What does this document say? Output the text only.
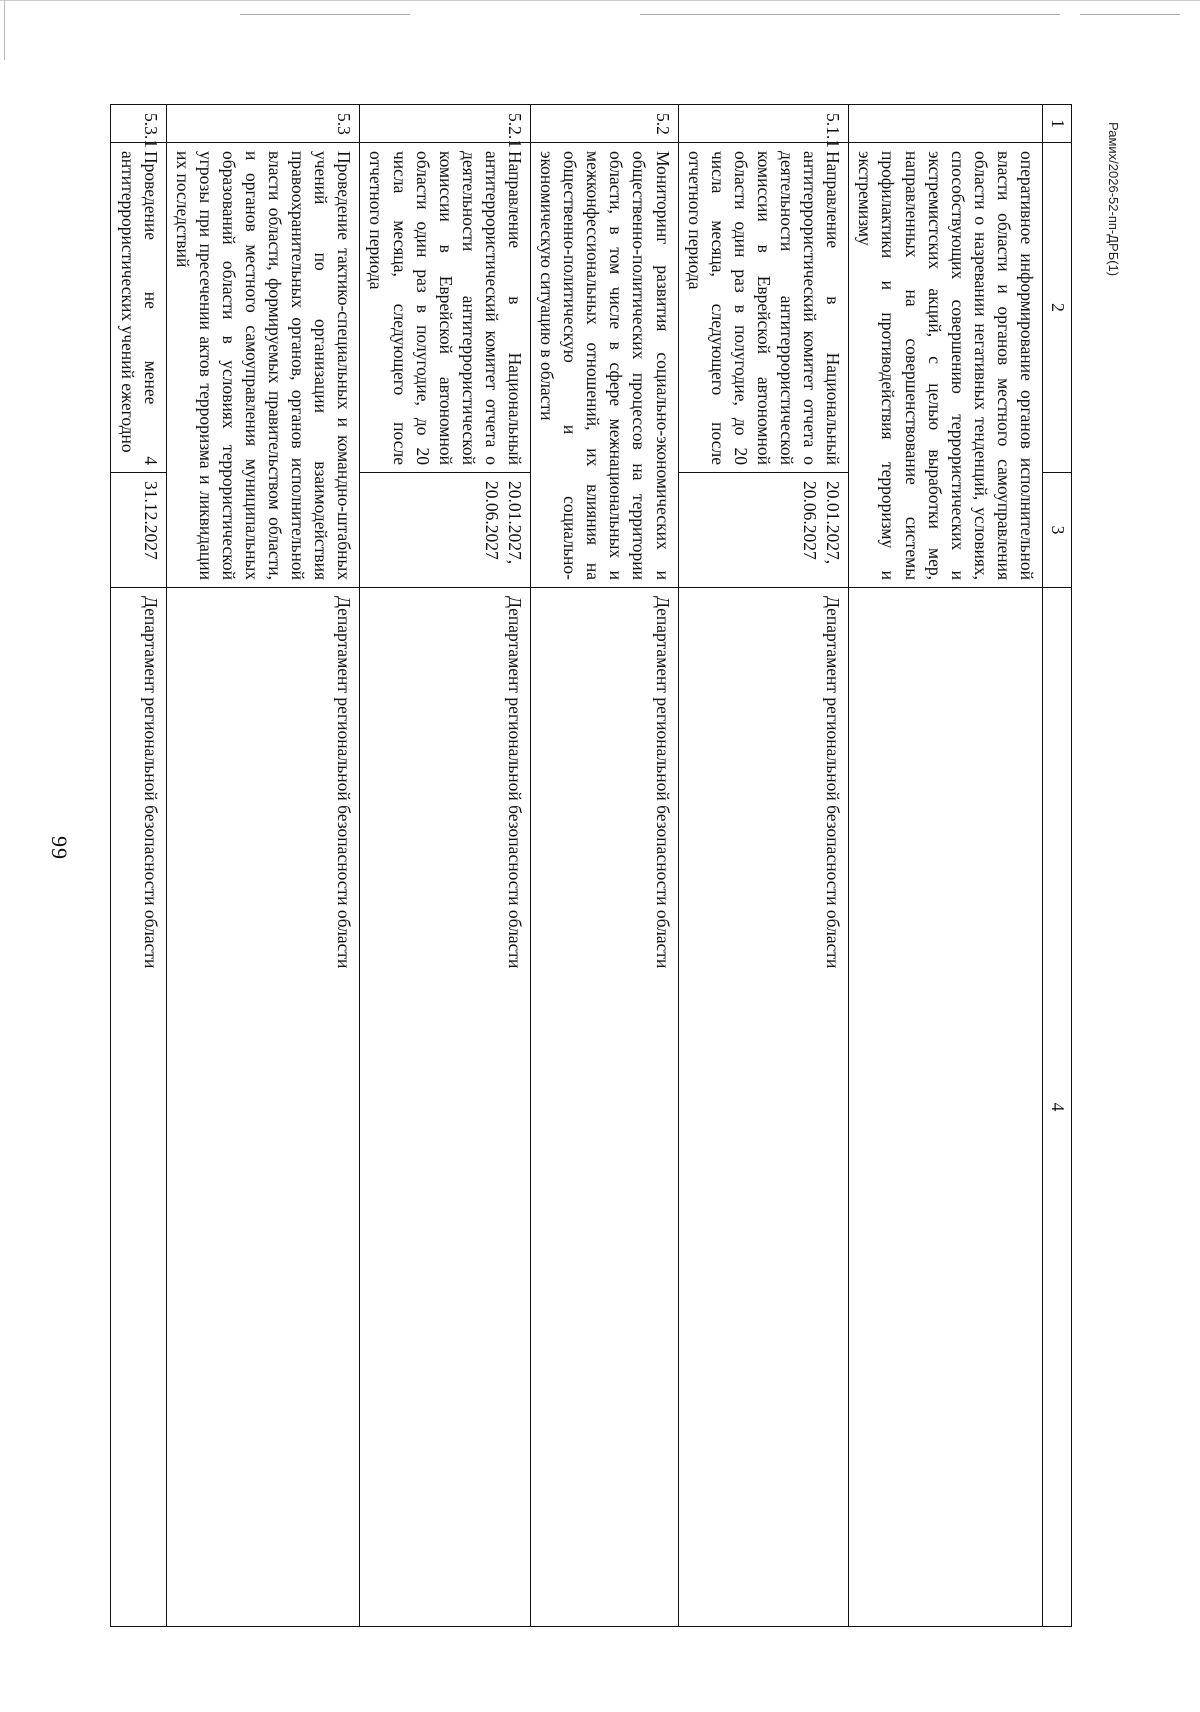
99
Рамих/2026-52-пп-ДРБ(1)
1	2	3	4
	оперативное информирование органов исполнительной власти области и органов местного самоуправления области о назревании негативных тенденций, условиях, способствующих совершению террористических и экстремистских акций, с целью выработки мер, направленных на совершенствование системы профилактики и противодействия терроризму и экстремизму		
5.1.1	Направление в Национальный антитеррористический комитет отчета о деятельности антитеррористической комиссии в Еврейской автономной области один раз в полугодие, до 20 числа месяца, следующего после отчетного периода	20.01.2027, 20.06.2027	Департамент региональной безопасности области
5.2	Мониторинг развития социально-экономических и общественно-политических процессов на территории области, в том числе в сфере межнациональных и межконфессиональных отношений, их влияния на общественно-политическую и социально-экономическую ситуацию в области		Департамент региональной безопасности области
5.2.1	Направление в Национальный антитеррористический комитет отчета о деятельности антитеррористической комиссии в Еврейской автономной области один раз в полугодие, до 20 числа месяца, следующего после отчетного периода	20.01.2027, 20.06.2027	Департамент региональной безопасности области
5.3	Проведение тактико-специальных и командно-штабных учений по организации взаимодействия правоохранительных органов, органов исполнительной власти области, формируемых правительством области, и органов местного самоуправления муниципальных образований области в условиях террористической угрозы при пресечении актов терроризма и ликвидации их последствий		Департамент региональной безопасности области
5.3.1	Проведение не менее 4 антитеррористических учений ежегодно	31.12.2027	Департамент региональной безопасности области
